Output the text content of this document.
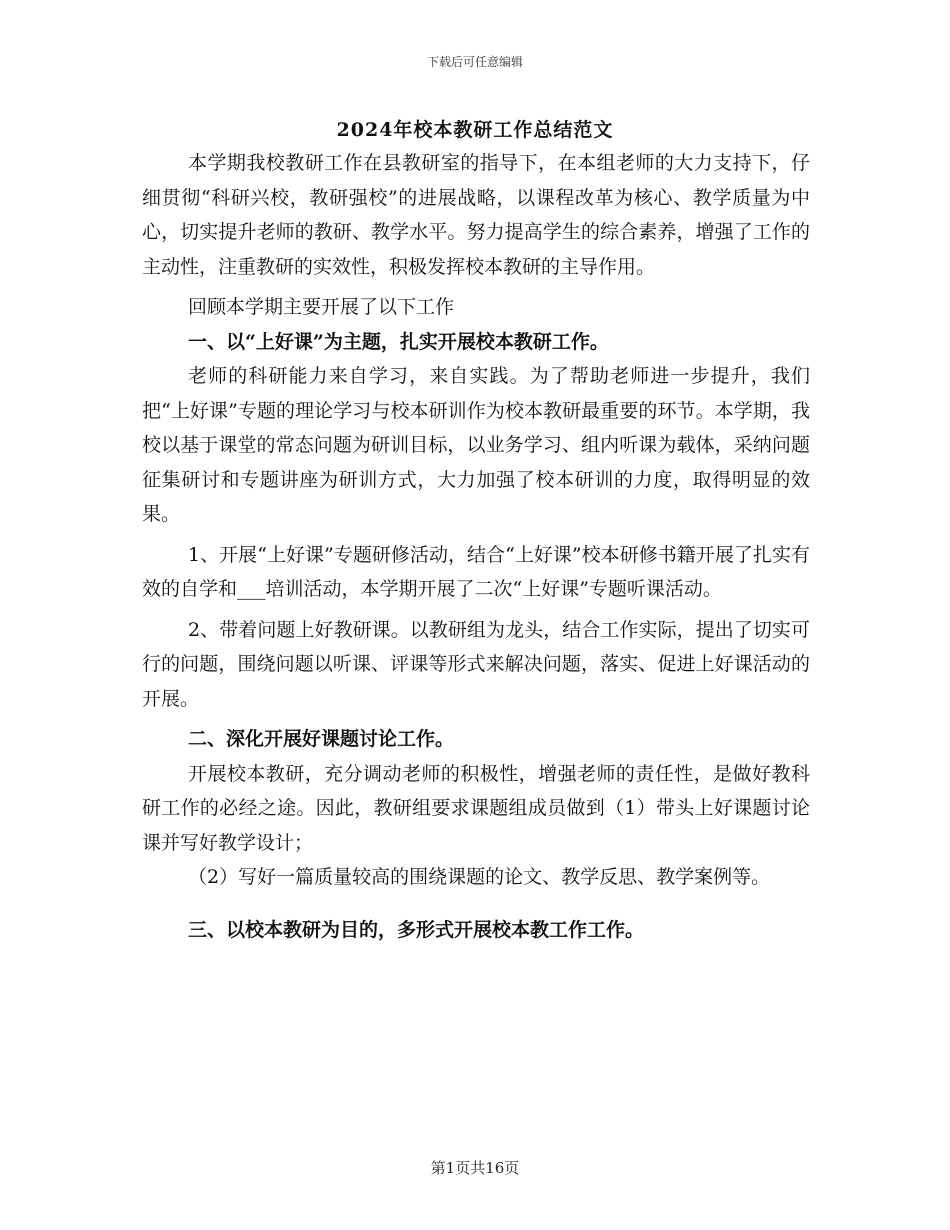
下载后可任意编辑
2024年校本教研工作总结范文

本学期我校教研工作在县教研室的指导下，在本组老师的大力支持下，仔细贯彻“科研兴校，教研强校”的进展战略，以课程改革为核心、教学质量为中心，切实提升老师的教研、教学水平。努力提高学生的综合素养，增强了工作的主动性，注重教研的实效性，积极发挥校本教研的主导作用。

回顾本学期主要开展了以下工作

一、以“上好课”为主题，扎实开展校本教研工作。

老师的科研能力来自学习，来自实践。为了帮助老师进一步提升，我们把“上好课”专题的理论学习与校本研训作为校本教研最重要的环节。本学期，我校以基于课堂的常态问题为研训目标，以业务学习、组内听课为载体，采纳问题征集研讨和专题讲座为研训方式，大力加强了校本研训的力度，取得明显的效果。

1、开展“上好课”专题研修活动，结合“上好课”校本研修书籍开展了扎实有效的自学和___培训活动，本学期开展了二次“上好课”专题听课活动。

2、带着问题上好教研课。以教研组为龙头，结合工作实际，提出了切实可行的问题，围绕问题以听课、评课等形式来解决问题，落实、促进上好课活动的开展。

二、深化开展好课题讨论工作。

开展校本教研，充分调动老师的积极性，增强老师的责任性，是做好教科研工作的必经之途。因此，教研组要求课题组成员做到（1）带头上好课题讨论课并写好教学设计；

（2）写好一篇质量较高的围绕课题的论文、教学反思、教学案例等。

三、以校本教研为目的，多形式开展校本教工作工作。

第1页共16页
